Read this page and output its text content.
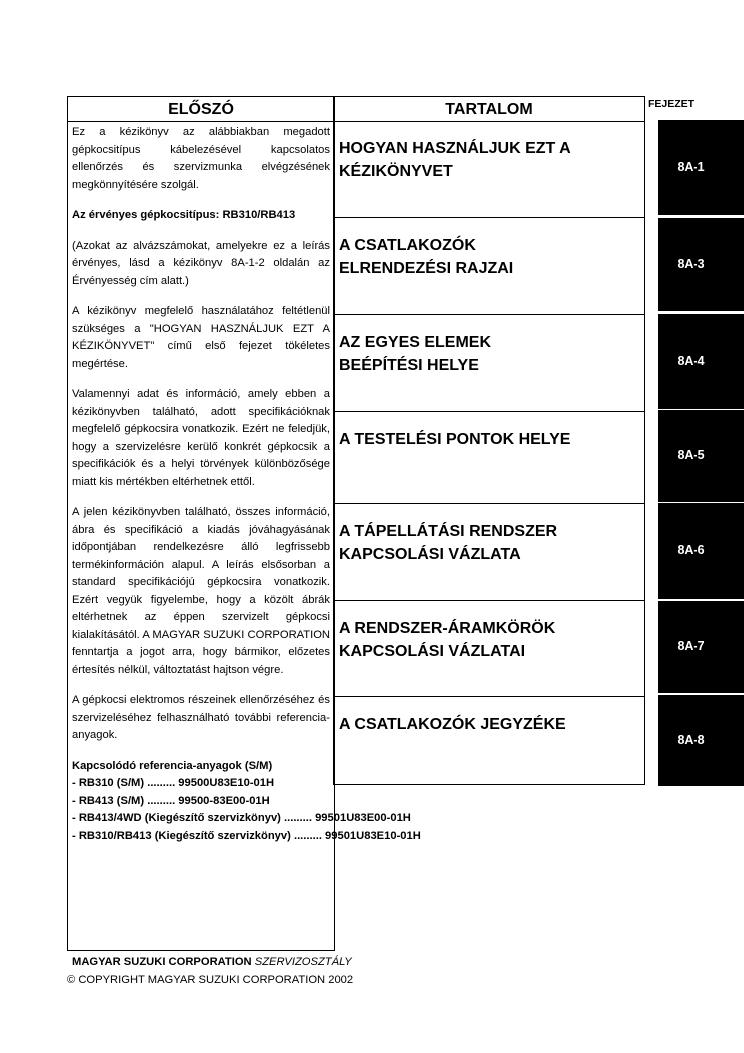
ELŐSZÓ

Ez a kézikönyv az alábbiakban megadott gépkocsitípus kábelezésével kapcsolatos ellenőrzés és szervizmunka elvégzésének megkönnyítésére szolgál.

Az érvényes gépkocsitípus: RB310/RB413

(Azokat az alvázszámokat, amelyekre ez a leírás érvényes, lásd a kézikönyv 8A-1-2 oldalán az Érvényesség cím alatt.)

A kézikönyv megfelelő használatához feltétlenül szükséges a "HOGYAN HASZNÁLJUK EZT A KÉZIKÖNYVET" című első fejezet tökéletes megértése.

Valamennyi adat és információ, amely ebben a kézikönyvben található, adott specifikációknak megfelelő gépkocsira vonatkozik. Ezért ne feledjük, hogy a szervizelésre kerülő konkrét gépkocsik a specifikációk és a helyi törvények különbözősége miatt kis mértékben eltérhetnek ettől.

A jelen kézikönyvben található, összes információ, ábra és specifikáció a kiadás jóváhagyásának időpontjában rendelkezésre álló legfrissebb termékinformáción alapul. A leírás elsősorban a standard specifikációjú gépkocsira vonatkozik. Ezért vegyük figyelembe, hogy a közölt ábrák eltérhetnek az éppen szervizelt gépkocsi kialakításától. A MAGYAR SUZUKI CORPORATION fenntartja a jogot arra, hogy bármikor, előzetes értesítés nélkül, változtatást hajtson végre.

A gépkocsi elektromos részeinek ellenőrzéséhez és szervizeléséhez felhasználható további referencia-anyagok.

Kapcsolódó referencia-anyagok (S/M)
- RB310 (S/M) ......... 99500U83E10-01H
- RB413 (S/M) ......... 99500-83E00-01H
- RB413/4WD (Kiegészítő szervizkönyv) ......... 99501U83E00-01H
- RB310/RB413 (Kiegészítő szervizkönyv) ......... 99501U83E10-01H
TARTALOM
HOGYAN HASZNÁLJUK EZT A KÉZIKÖNYVET
A CSATLAKOZÓK ELRENDEZÉSI RAJZAI
AZ EGYES ELEMEK BEÉPÍTÉSI HELYE
A TESTELÉSI PONTOK HELYE
A TÁPELLÁTÁSI RENDSZER KAPCSOLÁSI VÁZLATA
A RENDSZER-ÁRAMKÖRÖK KAPCSOLÁSI VÁZLATAI
A CSATLAKOZÓK JEGYZÉKE
FEJEZET
8A-1
8A-3
8A-4
8A-5
8A-6
8A-7
8A-8
MAGYAR SUZUKI CORPORATION SZERVIZOSZTÁLY
© COPYRIGHT MAGYAR SUZUKI CORPORATION 2002
